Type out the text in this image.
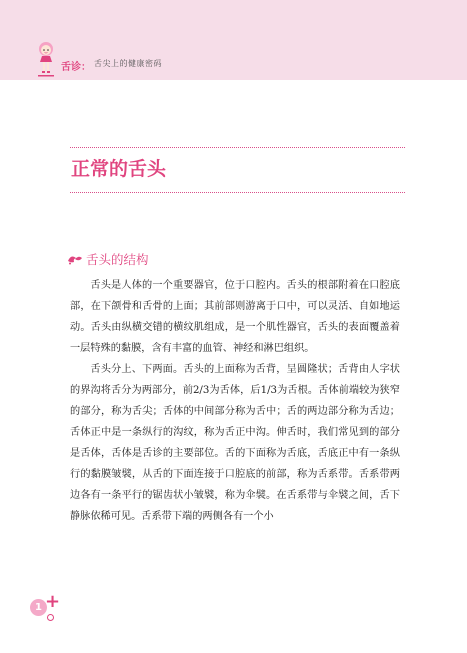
舌诊： 舌尖上的健康密码
正常的舌头
舌头的结构

舌头是人体的一个重要器官，位于口腔内。舌头的根部附着在口腔底部，在下颌骨和舌骨的上面；其前部则游离于口中，可以灵活、自如地运动。舌头由纵横交错的横纹肌组成，是一个肌性器官，舌头的表面覆盖着一层特殊的黏膜，含有丰富的血管、神经和淋巴组织。

舌头分上、下两面。舌头的上面称为舌背，呈圆隆状；舌背由人字状的界沟将舌分为两部分，前2/3为舌体，后1/3为舌根。舌体前端较为狭窄的部分，称为舌尖；舌体的中间部分称为舌中；舌的两边部分称为舌边；舌体正中是一条纵行的沟纹，称为舌正中沟。伸舌时，我们常见到的部分是舌体，舌体是舌诊的主要部位。舌的下面称为舌底，舌底正中有一条纵行的黏膜皱襞，从舌的下面连接于口腔底的前部，称为舌系带。舌系带两边各有一条平行的锯齿状小皱襞，称为伞襞。在舌系带与伞襞之间，舌下静脉依稀可见。舌系带下端的两侧各有一个小

1 +
